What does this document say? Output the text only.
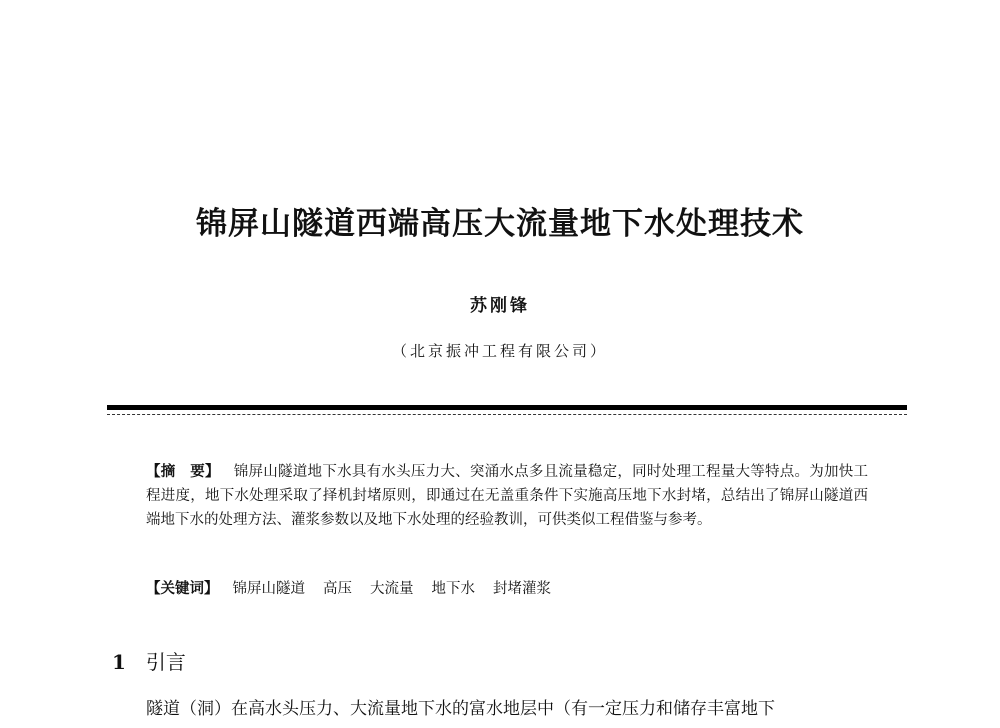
锦屏山隧道西端高压大流量地下水处理技术
苏刚锋
（北京振冲工程有限公司）
【摘　要】 锦屏山隧道地下水具有水头压力大、突涌水点多且流量稳定，同时处理工程量大等特点。为加快工程进度，地下水处理采取了择机封堵原则，即通过在无盖重条件下实施高压地下水封堵，总结出了锦屏山隧道西端地下水的处理方法、灌浆参数以及地下水处理的经验教训，可供类似工程借鉴与参考。
【关键词】 锦屏山隧道 高压 大流量 地下水 封堵灌浆
1 引言
隧道（洞）在高水头压力、大流量地下水的富水地层中（有一定压力和储存丰富地下
